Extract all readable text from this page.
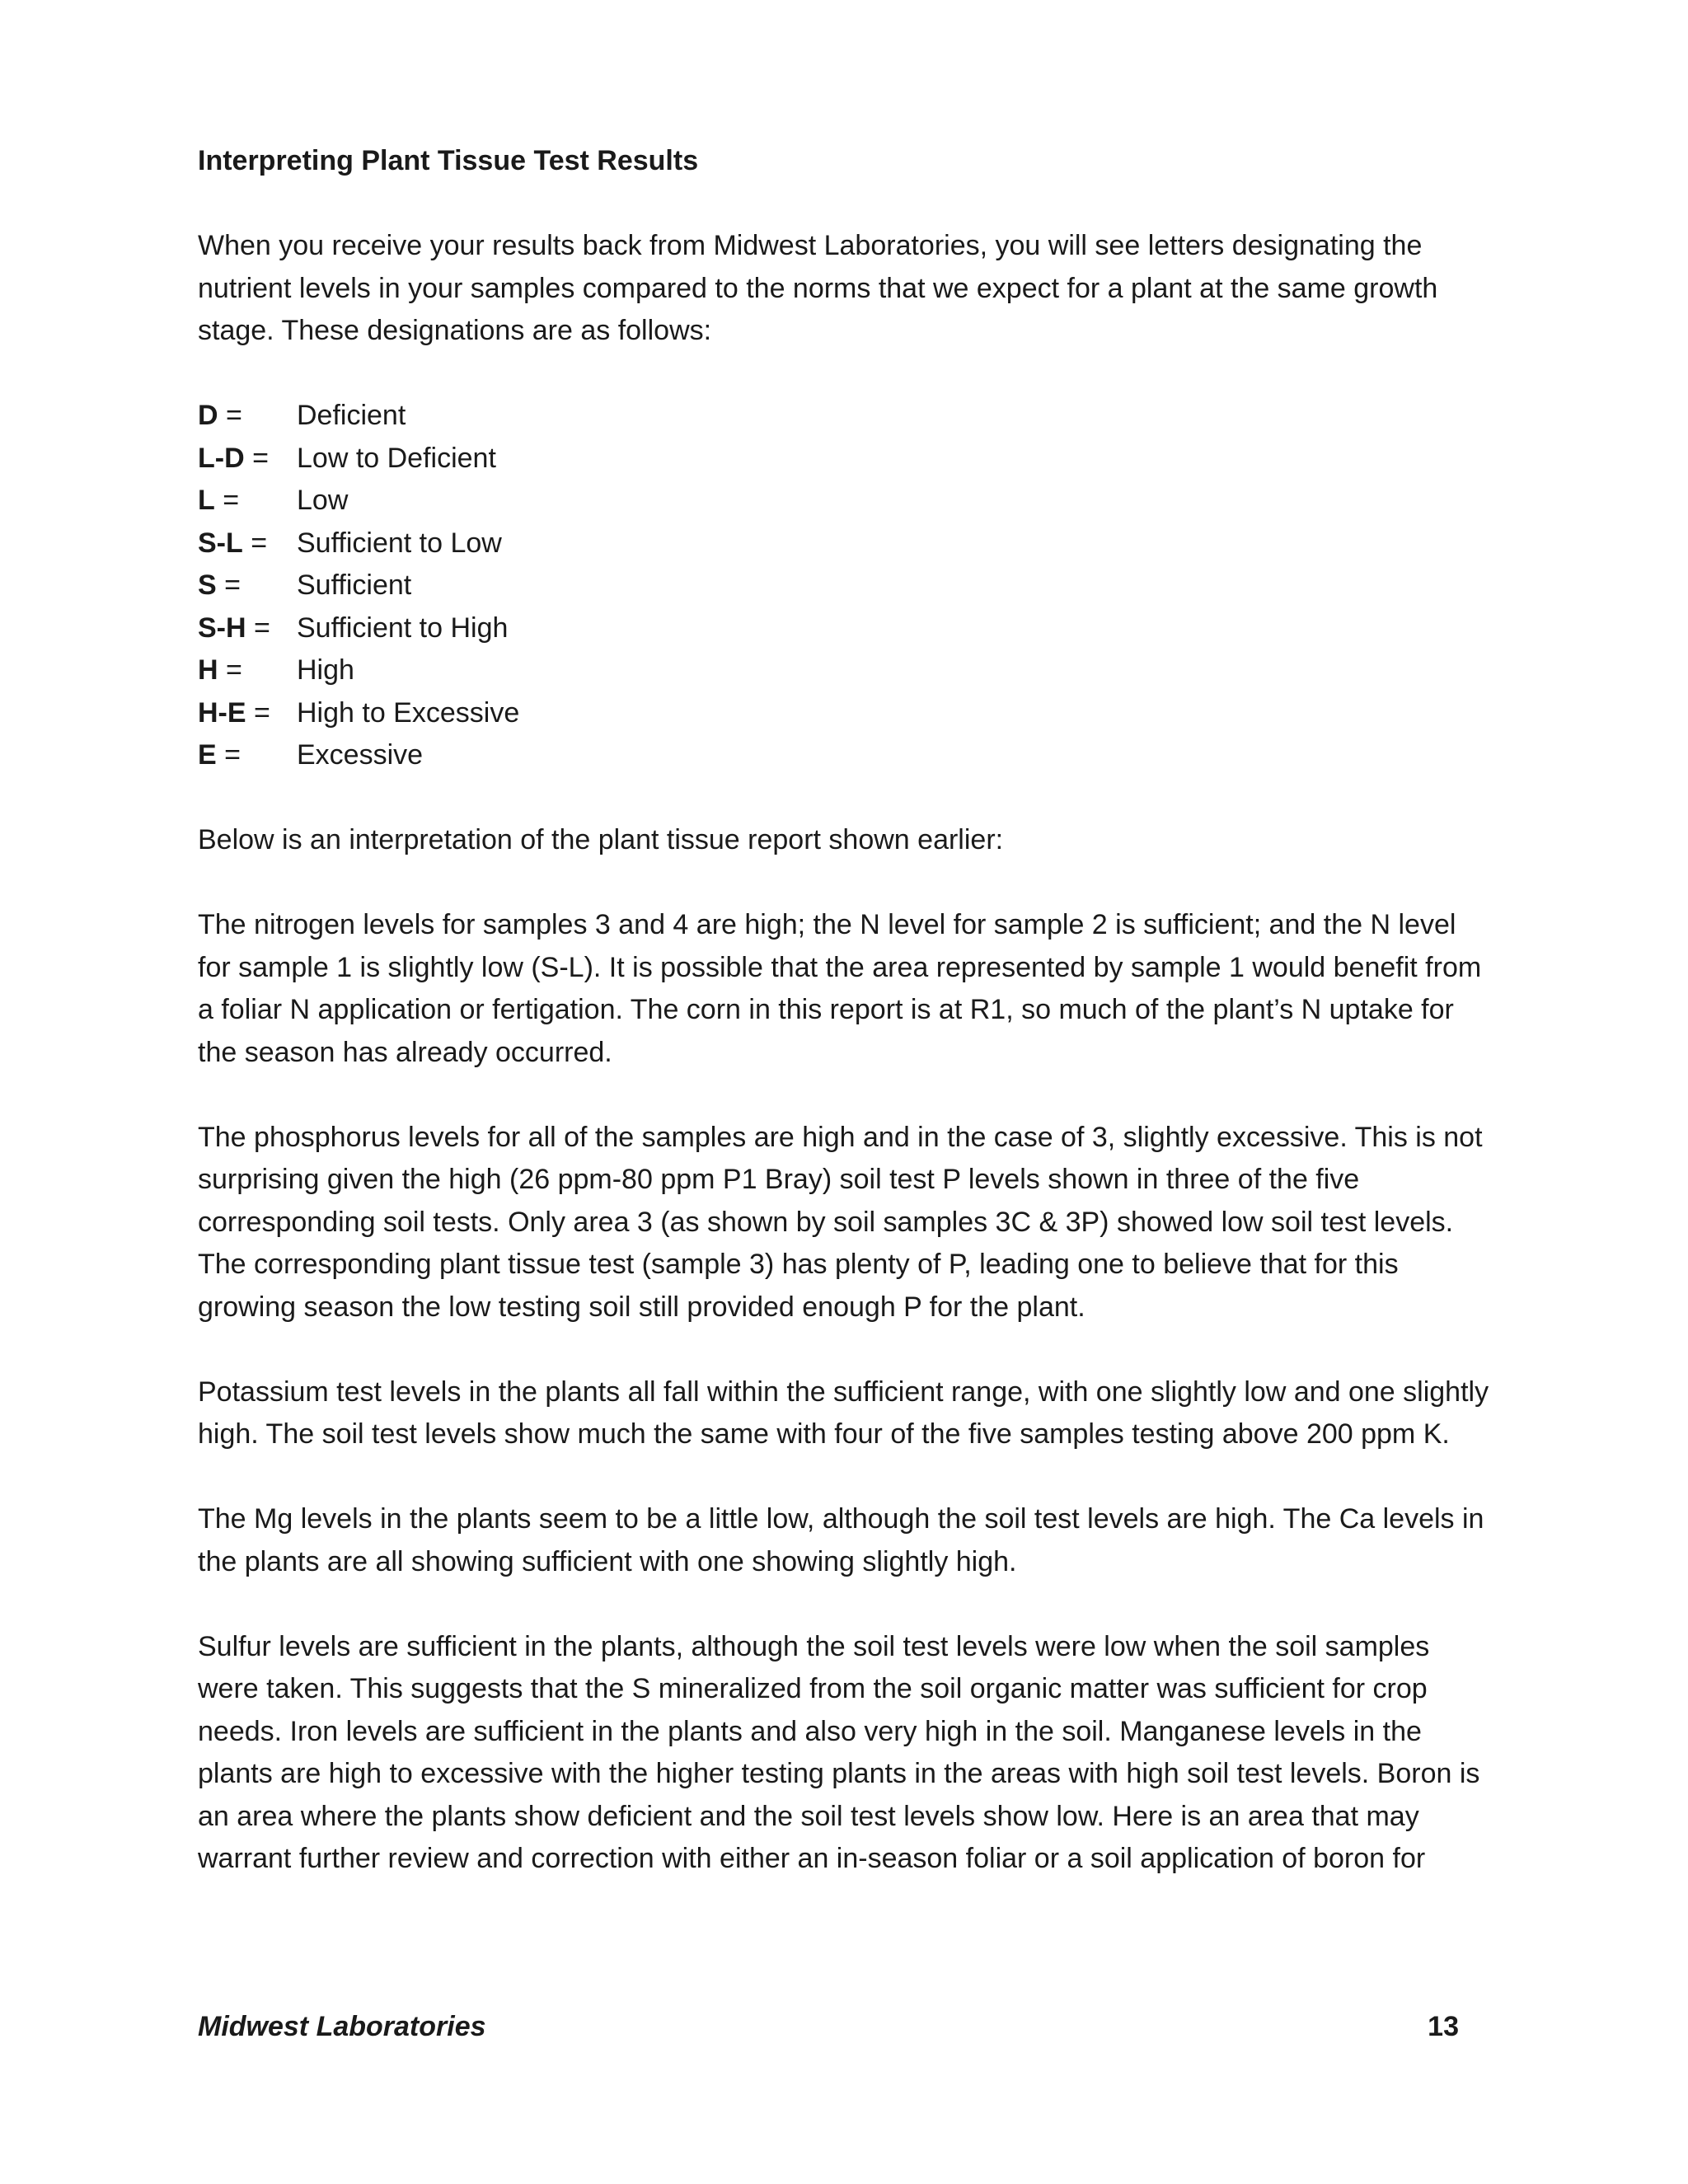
Interpreting Plant Tissue Test Results

When you receive your results back from Midwest Laboratories, you will see letters designating the nutrient levels in your samples compared to the norms that we expect for a plant at the same growth stage. These designations are as follows:

D =	Deficient
L-D =	Low to Deficient
L =	Low
S-L =	Sufficient to Low
S =	Sufficient
S-H = Sufficient to High
H =	High
H-E = High to Excessive
E =	Excessive

Below is an interpretation of the plant tissue report shown earlier:

The nitrogen levels for samples 3 and 4 are high; the N level for sample 2 is sufficient; and the N level for sample 1 is slightly low (S-L). It is possible that the area represented by sample 1 would benefit from a foliar N application or fertigation. The corn in this report is at R1, so much of the plant’s N uptake for the season has already occurred.

The phosphorus levels for all of the samples are high and in the case of 3, slightly excessive. This is not surprising given the high (26 ppm-80 ppm P1 Bray) soil test P levels shown in three of the five corresponding soil tests. Only area 3 (as shown by soil samples 3C & 3P) showed low soil test levels. The corresponding plant tissue test (sample 3) has plenty of P, leading one to believe that for this growing season the low testing soil still provided enough P for the plant.

Potassium test levels in the plants all fall within the sufficient range, with one slightly low and one slightly high. The soil test levels show much the same with four of the five samples testing above 200 ppm K.

The Mg levels in the plants seem to be a little low, although the soil test levels are high. The Ca levels in the plants are all showing sufficient with one showing slightly high.

Sulfur levels are sufficient in the plants, although the soil test levels were low when the soil samples were taken. This suggests that the S mineralized from the soil organic matter was sufficient for crop needs. Iron levels are sufficient in the plants and also very high in the soil. Manganese levels in the plants are high to excessive with the higher testing plants in the areas with high soil test levels. Boron is an area where the plants show deficient and the soil test levels show low. Here is an area that may warrant further review and correction with either an in-season foliar or a soil application of boron for

Midwest Laboratories	13
